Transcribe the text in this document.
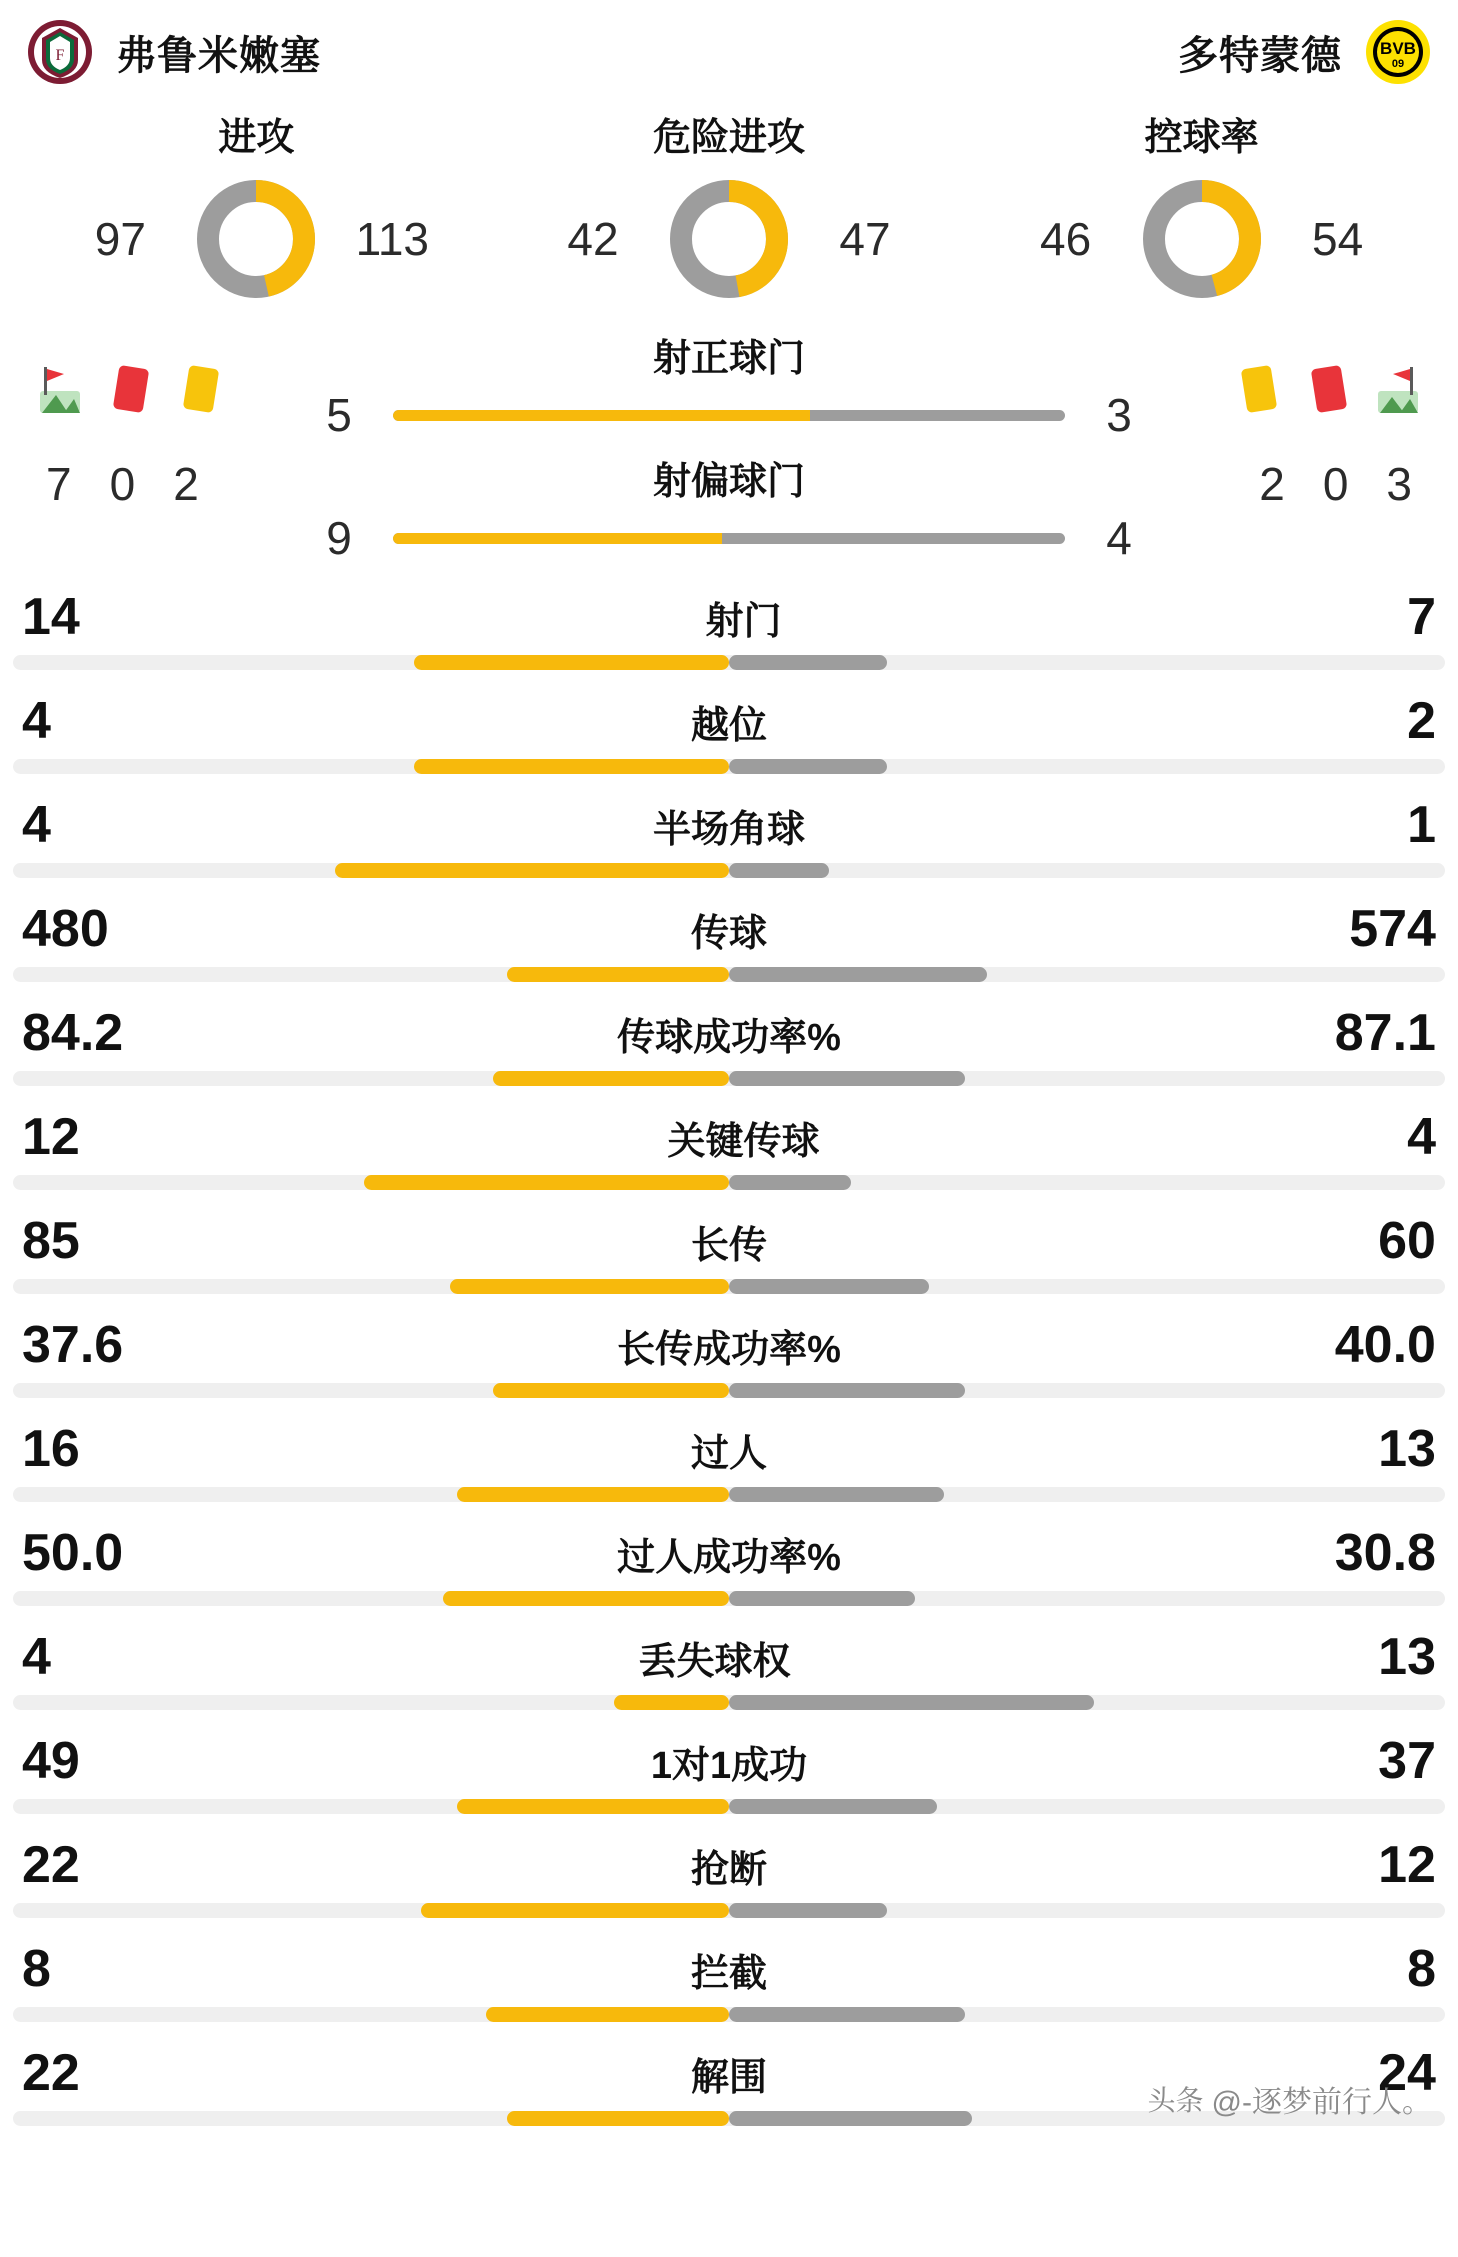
F 弗鲁米嫩塞	多特蒙德 BVB
09
进攻
97	113
危险进攻
42	47
控球率
46	54
射正球门
5	3
射偏球门
9	4
7 0 2	2 0 3
14	射门	7
4	越位	2
4	半场角球	1
480	传球	574
84.2	传球成功率%	87.1
12	关键传球	4
85	长传	60
37.6	长传成功率%	40.0
16	过人	13
50.0	过人成功率%	30.8
4	丢失球权	13
49	1对1成功	37
22	抢断	12
8	拦截	8
22	解围	24
头条 @-逐梦前行人。
